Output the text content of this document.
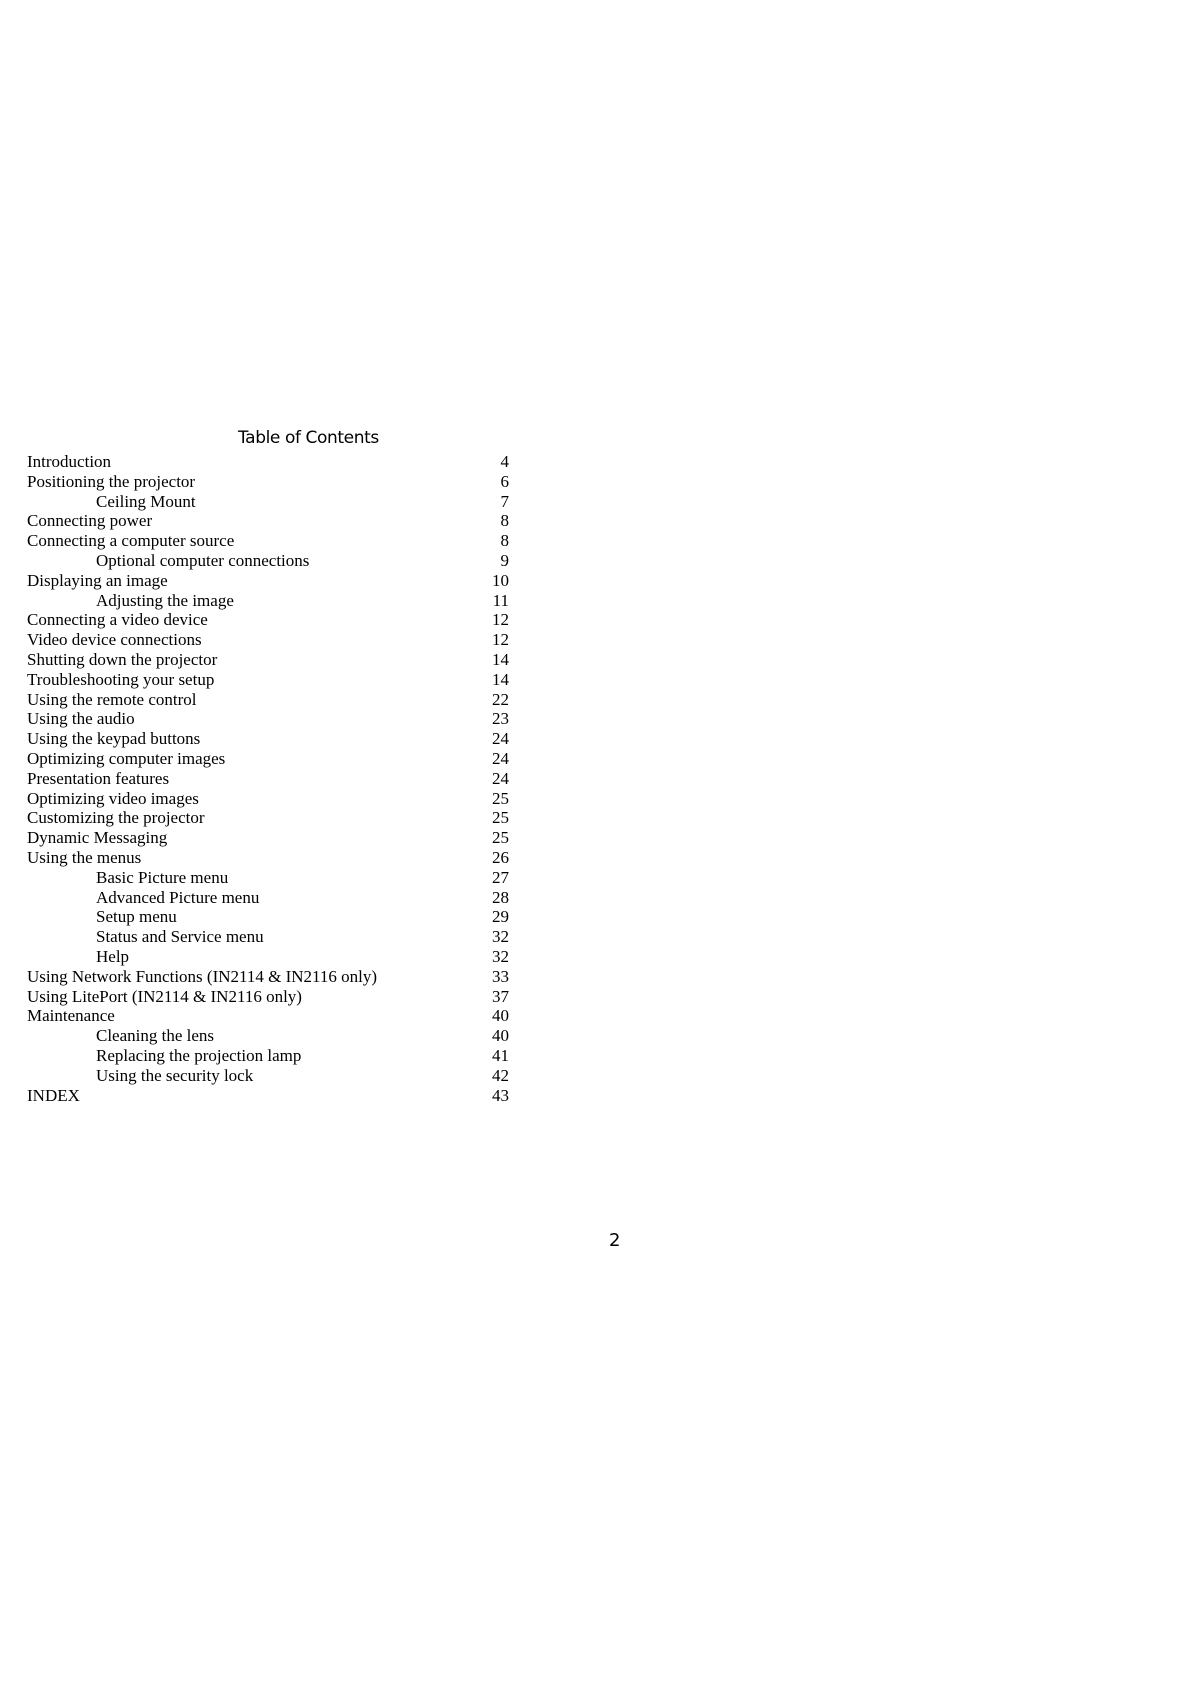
Table of Contents
Introduction	4
Positioning the projector	6
Ceiling Mount	7
Connecting power	8
Connecting a computer source	8
Optional computer connections	9
Displaying an image	10
Adjusting the image	11
Connecting a video device	12
Video device connections	12
Shutting down the projector	14
Troubleshooting your setup	14
Using the remote control	22
Using the audio	23
Using the keypad buttons	24
Optimizing computer images	24
Presentation features	24
Optimizing video images	25
Customizing the projector	25
Dynamic Messaging	25
Using the menus	26
Basic Picture menu	27
Advanced Picture menu	28
Setup menu	29
Status and Service menu	32
Help	32
Using Network Functions (IN2114 & IN2116 only)	33
Using LitePort (IN2114 & IN2116 only)	37
Maintenance	40
Cleaning the lens	40
Replacing the projection lamp	41
Using the security lock	42
INDEX	43
2
